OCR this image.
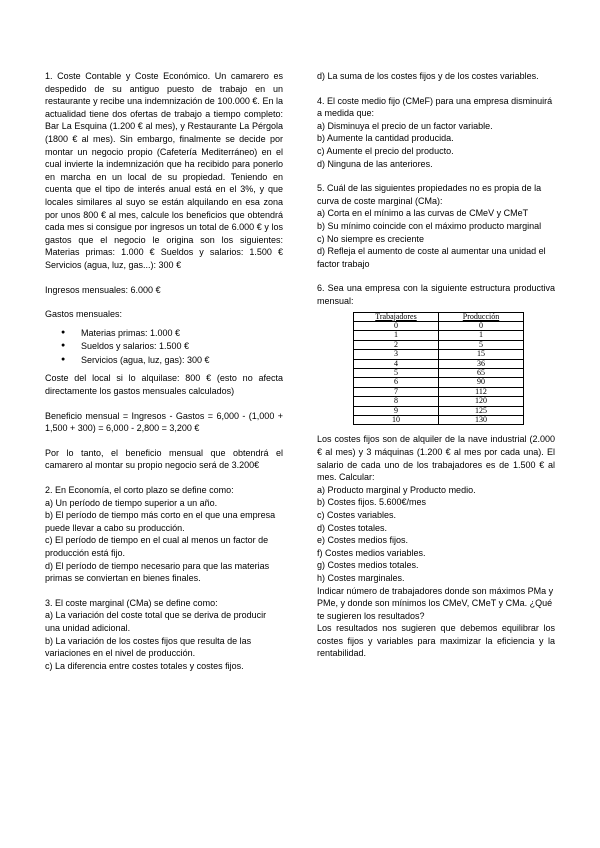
1. Coste Contable y Coste Económico. Un camarero es despedido de su antiguo puesto de trabajo en un restaurante y recibe una indemnización de 100.000 €. En la actualidad tiene dos ofertas de trabajo a tiempo completo: Bar La Esquina (1.200 € al mes), y Restaurante La Pérgola (1800 € al mes). Sin embargo, finalmente se decide por montar un negocio propio (Cafetería Mediterráneo) en el cual invierte la indemnización que ha recibido para ponerlo en marcha en un local de su propiedad. Teniendo en cuenta que el tipo de interés anual está en el 3%, y que locales similares al suyo se están alquilando en esa zona por unos 800 € al mes, calcule los beneficios que obtendrá cada mes si consigue por ingresos un total de 6.000 € y los gastos que el negocio le origina son los siguientes: Materias primas: 1.000 € Sueldos y salarios: 1.500 € Servicios (agua, luz, gas...): 300 €

Ingresos mensuales: 6.000 €

Gastos mensuales:

● Materias primas: 1.000 €
● Sueldos y salarios: 1.500 €
● Servicios (agua, luz, gas): 300 €

Coste del local si lo alquilase: 800 € (esto no afecta directamente los gastos mensuales calculados)

Beneficio mensual = Ingresos - Gastos = 6,000 - (1,000 + 1,500 + 300) = 6,000 - 2,800 = 3,200 €

Por lo tanto, el beneficio mensual que obtendrá el camarero al montar su propio negocio será de 3.200€

2. En Economía, el corto plazo se define como:

a) Un período de tiempo superior a un año.

b) El período de tiempo más corto en el que una empresa puede llevar a cabo su producción.

c) El período de tiempo en el cual al menos un factor de producción está fijo.

d) El período de tiempo necesario para que las materias primas se conviertan en bienes finales.

3. El coste marginal (CMa) se define como:

a) La variación del coste total que se deriva de producir una unidad adicional.

b) La variación de los costes fijos que resulta de las variaciones en el nivel de producción.

c) La diferencia entre costes totales y costes fijos.

d) La suma de los costes fijos y de los costes variables.

4. El coste medio fijo (CMeF) para una empresa disminuirá a medida que:

a) Disminuya el precio de un factor variable.

b) Aumente la cantidad producida.

c) Aumente el precio del producto.

d) Ninguna de las anteriores.

5. Cuál de las siguientes propiedades no es propia de la curva de coste marginal (CMa):

a) Corta en el mínimo a las curvas de CMeV y CMeT

b) Su mínimo coincide con el máximo producto marginal

c) No siempre es creciente

d) Refleja el aumento de coste al aumentar una unidad el factor trabajo

6. Sea una empresa con la siguiente estructura productiva mensual:

Trabajadores	Producción
0	0
1	1
2	5
3	15
4	36
5	65
6	90
7	112
8	120
9	125
10	130

Los costes fijos son de alquiler de la nave industrial (2.000 € al mes) y 3 máquinas (1.200 € al mes por cada una). El salario de cada uno de los trabajadores es de 1.500 € al mes. Calcular:

a) Producto marginal y Producto medio.

b) Costes fijos. 5.600€/mes

c) Costes variables.

d) Costes totales.

e) Costes medios fijos.

f) Costes medios variables.

g) Costes medios totales.

h) Costes marginales.

Indicar número de trabajadores donde son máximos PMa y PMe, y donde son mínimos los CMeV, CMeT y CMa. ¿Qué te sugieren los resultados?

Los resultados nos sugieren que debemos equilibrar los costes fijos y variables para maximizar la eficiencia y la rentabilidad.
